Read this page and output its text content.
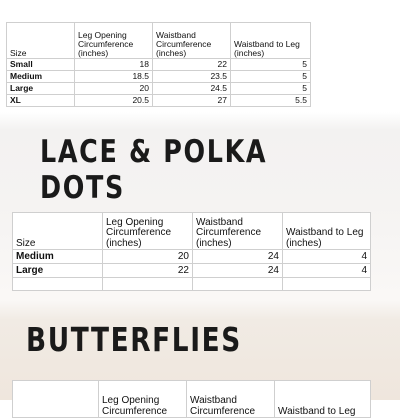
Size	Leg Opening Circumference (inches)	Waistband Circumference (inches)	Waistband to Leg (inches)
Small	18	22	5
Medium	18.5	23.5	5
Large	20	24.5	5
XL	20.5	27	5.5
LACE & POLKA DOTS
Size	Leg Opening Circumference (inches)	Waistband Circumference (inches)	Waistband to Leg (inches)
Medium	20	24	4
Large	22	24	4

BUTTERFLIES
	Leg Opening Circumference	Waistband Circumference	Waistband to Leg
